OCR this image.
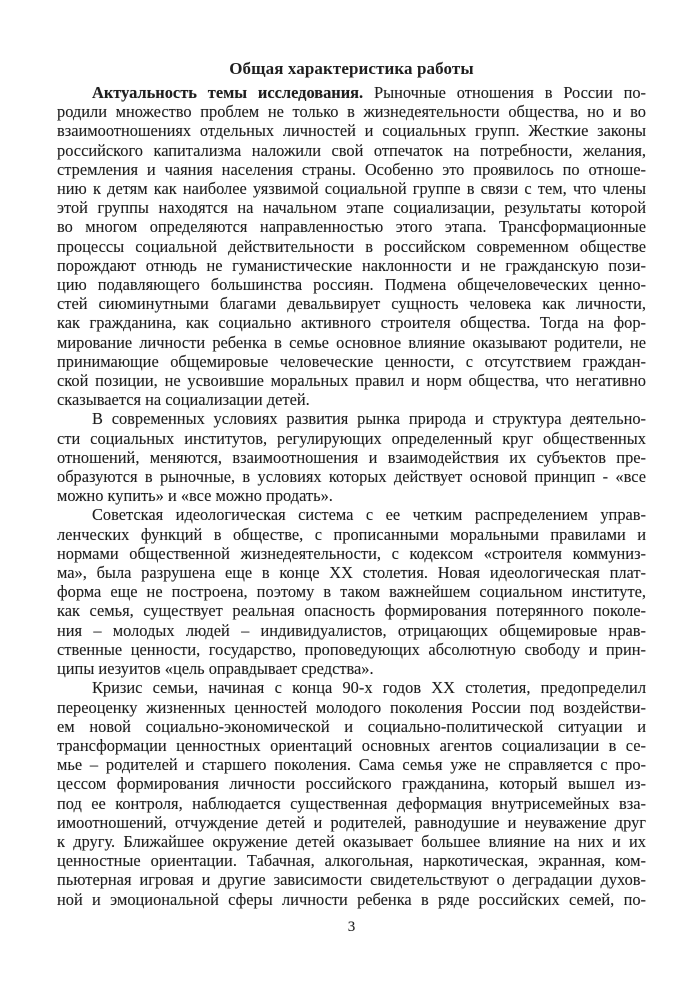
Общая характеристика работы
Актуальность темы исследования. Рыночные отношения в России по-
родили множество проблем не только в жизнедеятельности общества, но и во
взаимоотношениях отдельных личностей и социальных групп. Жесткие законы
российского капитализма наложили свой отпечаток на потребности, желания,
стремления и чаяния населения страны. Особенно это проявилось по отноше-
нию к детям как наиболее уязвимой социальной группе в связи с тем, что члены
этой группы находятся на начальном этапе социализации, результаты которой
во многом определяются направленностью этого этапа. Трансформационные
процессы социальной действительности в российском современном обществе
порождают отнюдь не гуманистические наклонности и не гражданскую пози-
цию подавляющего большинства россиян. Подмена общечеловеческих ценно-
стей сиюминутными благами девальвирует сущность человека как личности,
как гражданина, как социально активного строителя общества. Тогда на фор-
мирование личности ребенка в семье основное влияние оказывают родители, не
принимающие общемировые человеческие ценности, с отсутствием граждан-
ской позиции, не усвоившие моральных правил и норм общества, что негативно
сказывается на социализации детей.
В современных условиях развития рынка природа и структура деятельно-
сти социальных институтов, регулирующих определенный круг общественных
отношений, меняются, взаимоотношения и взаимодействия их субъектов пре-
образуются в рыночные, в условиях которых действует основой принцип - «все
можно купить» и «все можно продать».
Советская идеологическая система с ее четким распределением управ-
ленческих функций в обществе, с прописанными моральными правилами и
нормами общественной жизнедеятельности, с кодексом «строителя коммуниз-
ма», была разрушена еще в конце XX столетия. Новая идеологическая плат-
форма еще не построена, поэтому в таком важнейшем социальном институте,
как семья, существует реальная опасность формирования потерянного поколе-
ния – молодых людей – индивидуалистов, отрицающих общемировые нрав-
ственные ценности, государство, проповедующих абсолютную свободу и прин-
ципы иезуитов «цель оправдывает средства».
Кризис семьи, начиная с конца 90-х годов XX столетия, предопределил
переоценку жизненных ценностей молодого поколения России под воздействи-
ем новой социально-экономической и социально-политической ситуации и
трансформации ценностных ориентаций основных агентов социализации в се-
мье – родителей и старшего поколения. Сама семья уже не справляется с про-
цессом формирования личности российского гражданина, который вышел из-
под ее контроля, наблюдается существенная деформация внутрисемейных вза-
имоотношений, отчуждение детей и родителей, равнодушие и неуважение друг
к другу. Ближайшее окружение детей оказывает большее влияние на них и их
ценностные ориентации. Табачная, алкогольная, наркотическая, экранная, ком-
пьютерная игровая и другие зависимости свидетельствуют о деградации духов-
ной и эмоциональной сферы личности ребенка в ряде российских семей, по-
3
